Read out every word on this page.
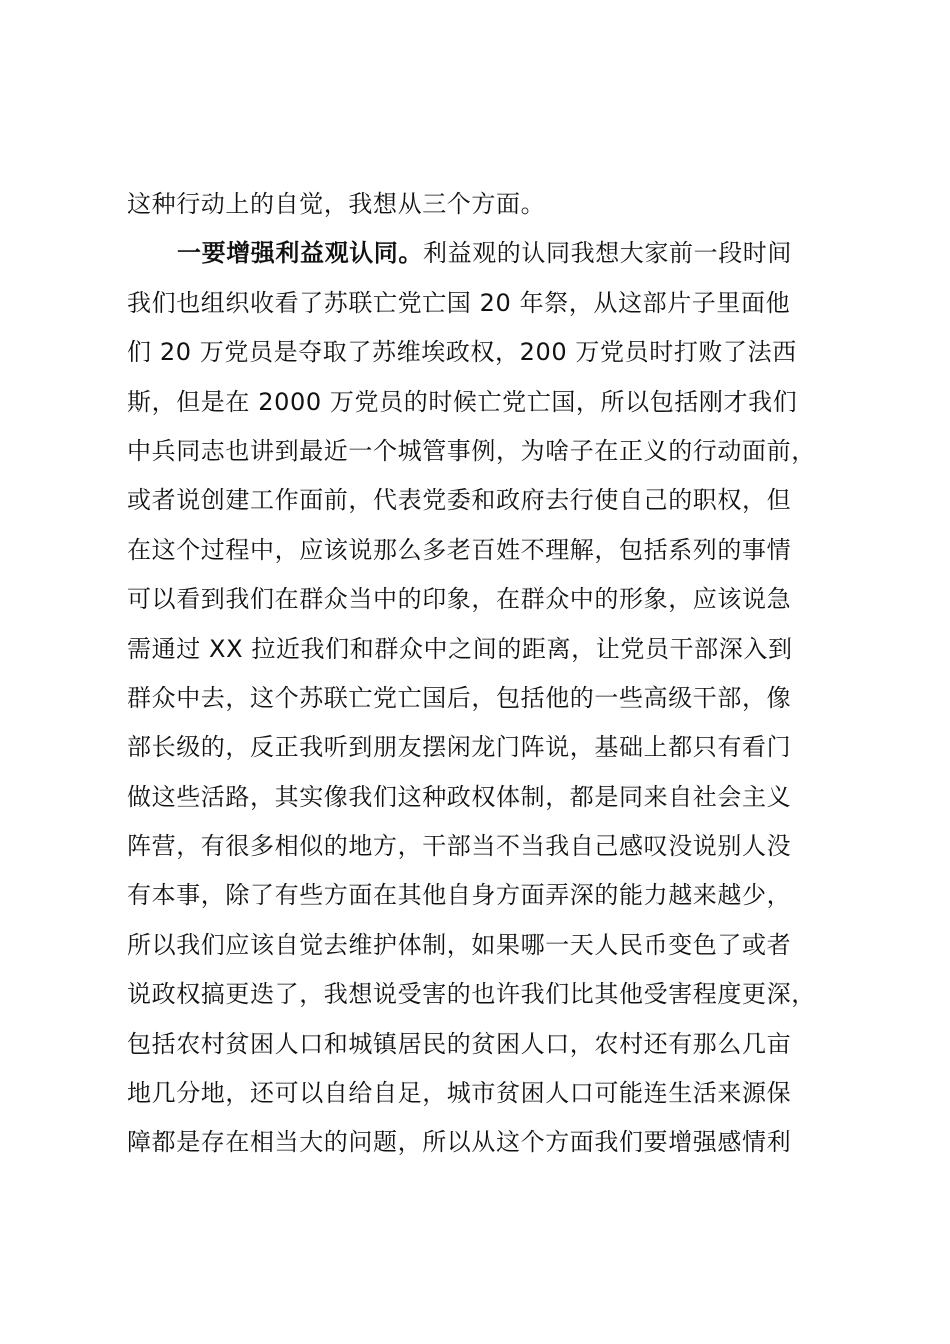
这种行动上的自觉，我想从三个方面。
一要增强利益观认同。利益观的认同我想大家前一段时间
我们也组织收看了苏联亡党亡国 20 年祭，从这部片子里面他
们 20 万党员是夺取了苏维埃政权，200 万党员时打败了法西
斯，但是在 2000 万党员的时候亡党亡国，所以包括刚才我们
中兵同志也讲到最近一个城管事例，为啥子在正义的行动面前，
或者说创建工作面前，代表党委和政府去行使自己的职权，但
在这个过程中，应该说那么多老百姓不理解，包括系列的事情
可以看到我们在群众当中的印象，在群众中的形象，应该说急
需通过 XX 拉近我们和群众中之间的距离，让党员干部深入到
群众中去，这个苏联亡党亡国后，包括他的一些高级干部，像
部长级的，反正我听到朋友摆闲龙门阵说，基础上都只有看门
做这些活路，其实像我们这种政权体制，都是同来自社会主义
阵营，有很多相似的地方，干部当不当我自己感叹没说别人没
有本事，除了有些方面在其他自身方面弄深的能力越来越少，
所以我们应该自觉去维护体制，如果哪一天人民币变色了或者
说政权搞更迭了，我想说受害的也许我们比其他受害程度更深，
包括农村贫困人口和城镇居民的贫困人口，农村还有那么几亩
地几分地，还可以自给自足，城市贫困人口可能连生活来源保
障都是存在相当大的问题，所以从这个方面我们要增强感情利
